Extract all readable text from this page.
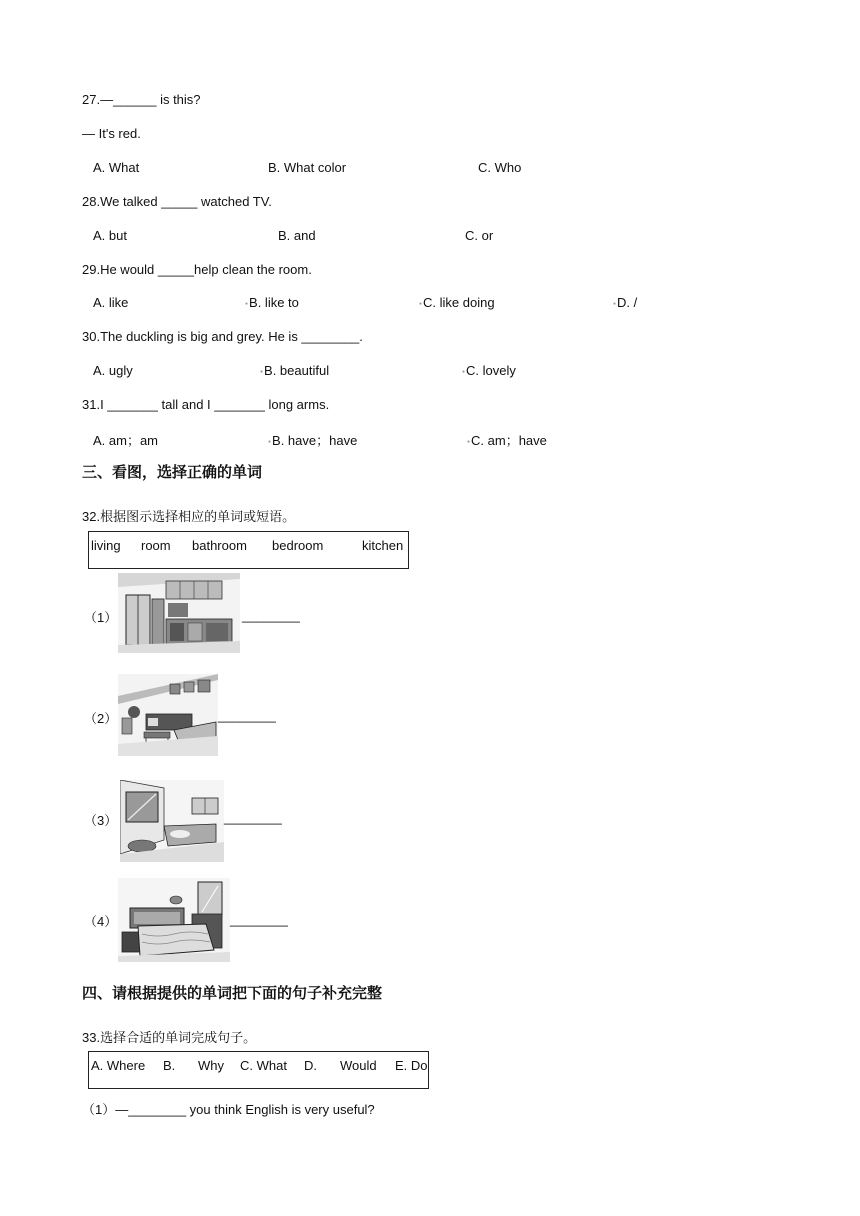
27.—______ is this?
— It's red.
A. What	B. What color	C. Who
28.We talked _____ watched TV.
A. but	B. and	C. or
29.He would _____help clean the room.
A. like	●B. like to	●C. like doing	●D. /
30.The duckling is big and grey. He is ________.
A. ugly	●B. beautiful	●C. lovely
31.I _______ tall and I _______ long arms.
A. am；am	●B. have；have	●C. am；have
三、看图，选择正确的单词
32.根据图示选择相应的单词或短语。
living room bathroom bedroom	kitchen
（1）	________
（2）	________
（3）	________
（4）	________
四、请根据提供的单词把下面的句子补充完整
33.选择合适的单词完成句子。
A. Where B. Why C. What D. Would E. Do
（1）—________ you think English is very useful?
